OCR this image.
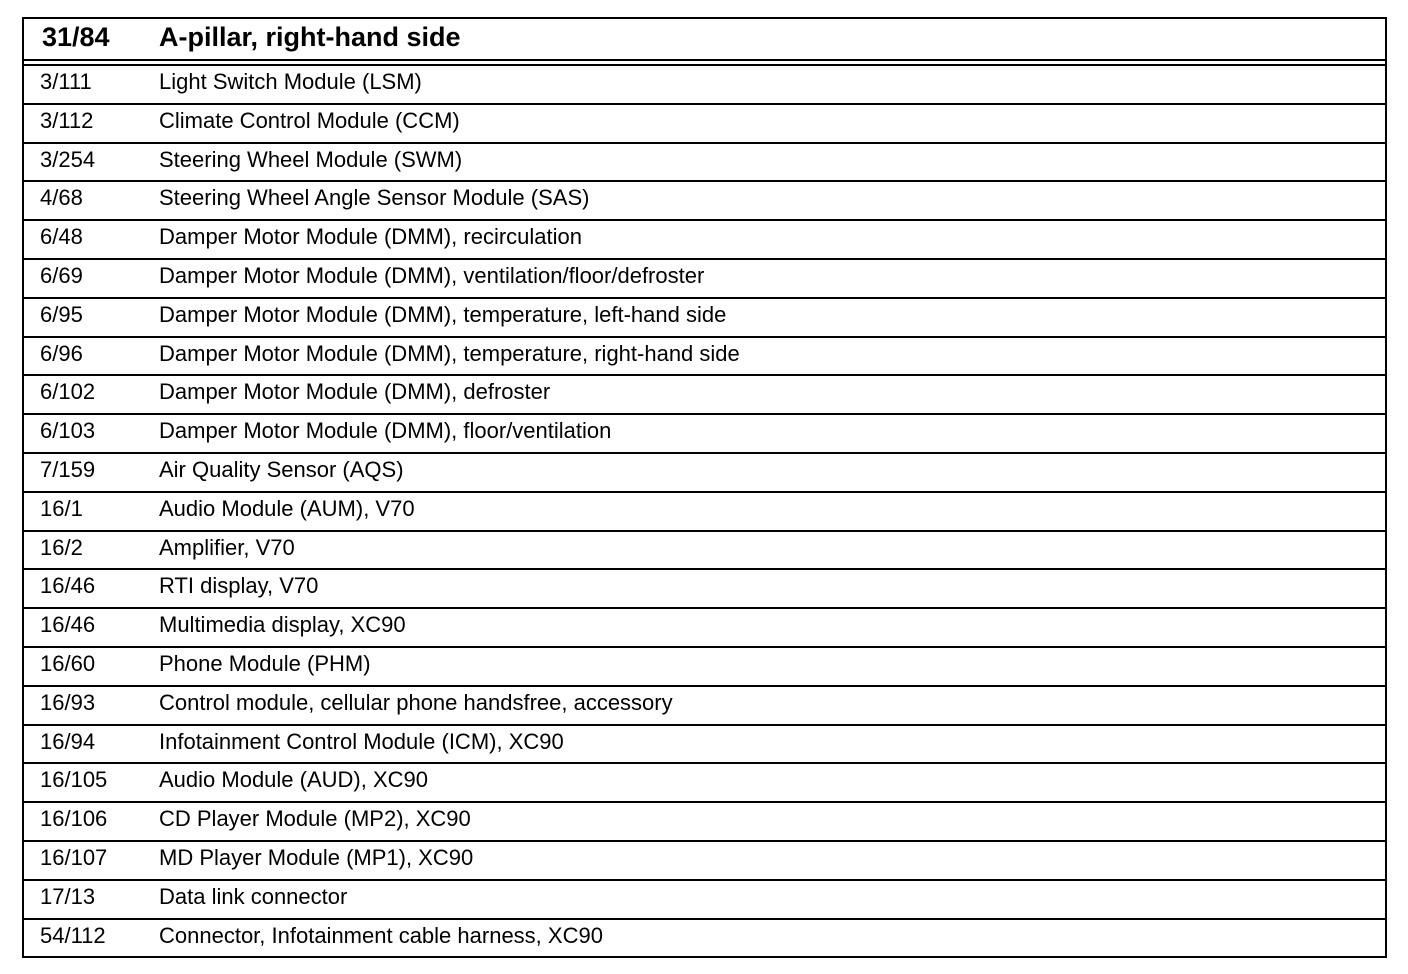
31/84 A-pillar, right-hand side
3/111	Light Switch Module (LSM)
3/112	Climate Control Module (CCM)
3/254	Steering Wheel Module (SWM)
4/68	Steering Wheel Angle Sensor Module (SAS)
6/48	Damper Motor Module (DMM), recirculation
6/69	Damper Motor Module (DMM), ventilation/floor/defroster
6/95	Damper Motor Module (DMM), temperature, left-hand side
6/96	Damper Motor Module (DMM), temperature, right-hand side
6/102	Damper Motor Module (DMM), defroster
6/103	Damper Motor Module (DMM), floor/ventilation
7/159	Air Quality Sensor (AQS)
16/1	Audio Module (AUM), V70
16/2	Amplifier, V70
16/46	RTI display, V70
16/46	Multimedia display, XC90
16/60	Phone Module (PHM)
16/93	Control module, cellular phone handsfree, accessory
16/94	Infotainment Control Module (ICM), XC90
16/105 Audio Module (AUD), XC90
16/106 CD Player Module (MP2), XC90
16/107 MD Player Module (MP1), XC90
17/13	Data link connector
54/112 Connector, Infotainment cable harness, XC90
